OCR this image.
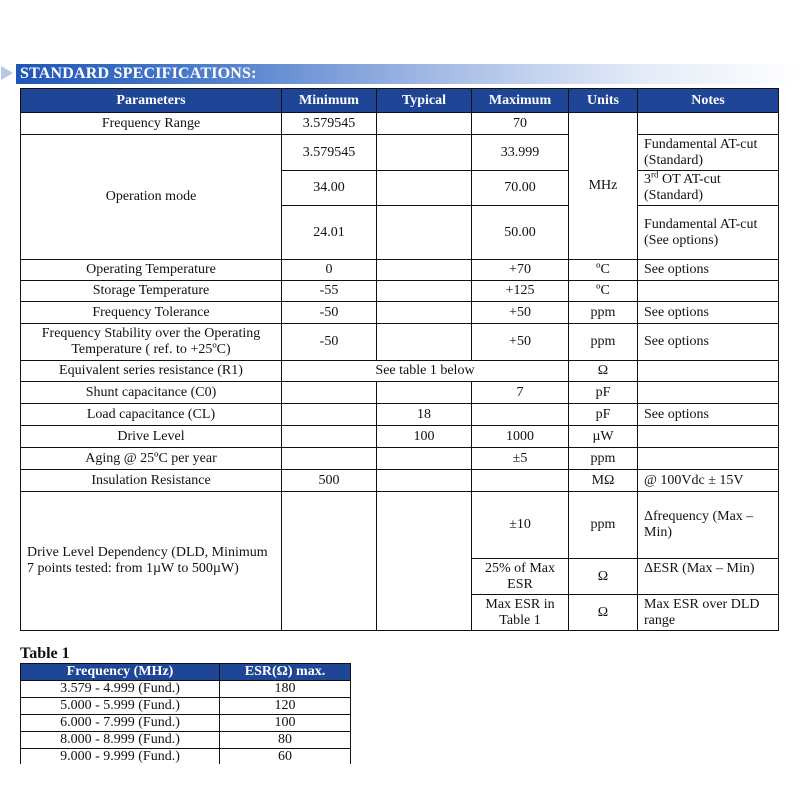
STANDARD SPECIFICATIONS:
Parameters	Minimum	Typical	Maximum	Units	Notes
Frequency Range	3.579545		70	MHz	
Operation mode	3.579545		33.999		Fundamental AT-cut (Standard)
	34.00		70.00		3rd OT AT-cut (Standard)
	24.01		50.00		Fundamental AT-cut (See options)
Operating Temperature	0		+70	ºC	See options
Storage Temperature	-55		+125	ºC	
Frequency Tolerance	-50		+50	ppm	See options
Frequency Stability over the Operating Temperature ( ref. to +25ºC)	-50		+50	ppm	See options
Equivalent series resistance (R1)	See table 1 below			Ω	
Shunt capacitance (C0)			7	pF	
Load capacitance (CL)		18		pF	See options
Drive Level		100	1000	µW	
Aging @ 25ºC per year			±5	ppm	
Insulation Resistance	500			MΩ	@ 100Vdc ± 15V
Drive Level Dependency (DLD, Minimum 7 points tested: from 1µW to 500µW)			±10	ppm	Δfrequency (Max – Min)
			25% of Max ESR	Ω	ΔESR (Max – Min)
			Max ESR in Table 1	Ω	Max ESR over DLD range
Table 1
Frequency (MHz)	ESR(Ω) max.
3.579 - 4.999 (Fund.)	180
5.000 - 5.999 (Fund.)	120
6.000 - 7.999 (Fund.)	100
8.000 - 8.999 (Fund.)	80
9.000 - 9.999 (Fund.)	60
